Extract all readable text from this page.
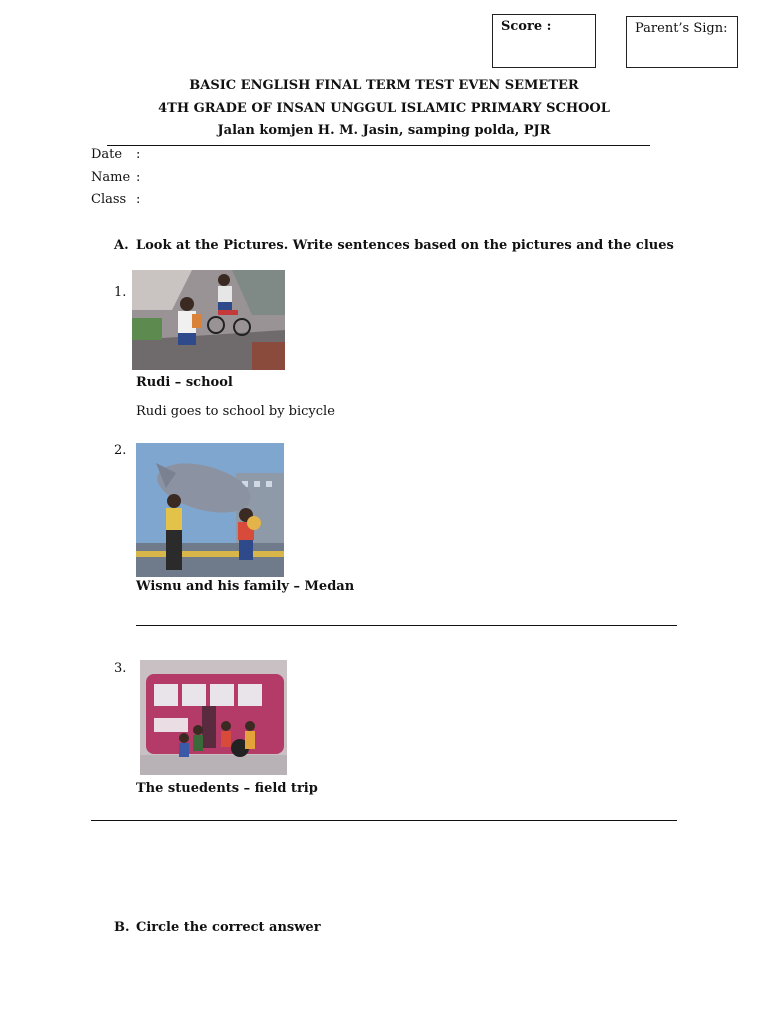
Score :	Parent’s Sign:
BASIC ENGLISH FINAL TERM TEST EVEN SEMETER
4TH GRADE OF INSAN UNGGUL ISLAMIC PRIMARY SCHOOL
Jalan komjen H. M. Jasin, samping polda, PJR
Date :
Name :
Class :
A. Look at the Pictures. Write sentences based on the pictures and the clues
1.
Rudi – school
Rudi goes to school by bicycle
2.
Wisnu and his family – Medan
3.
The stuedents – field trip
B. Circle the correct answer
